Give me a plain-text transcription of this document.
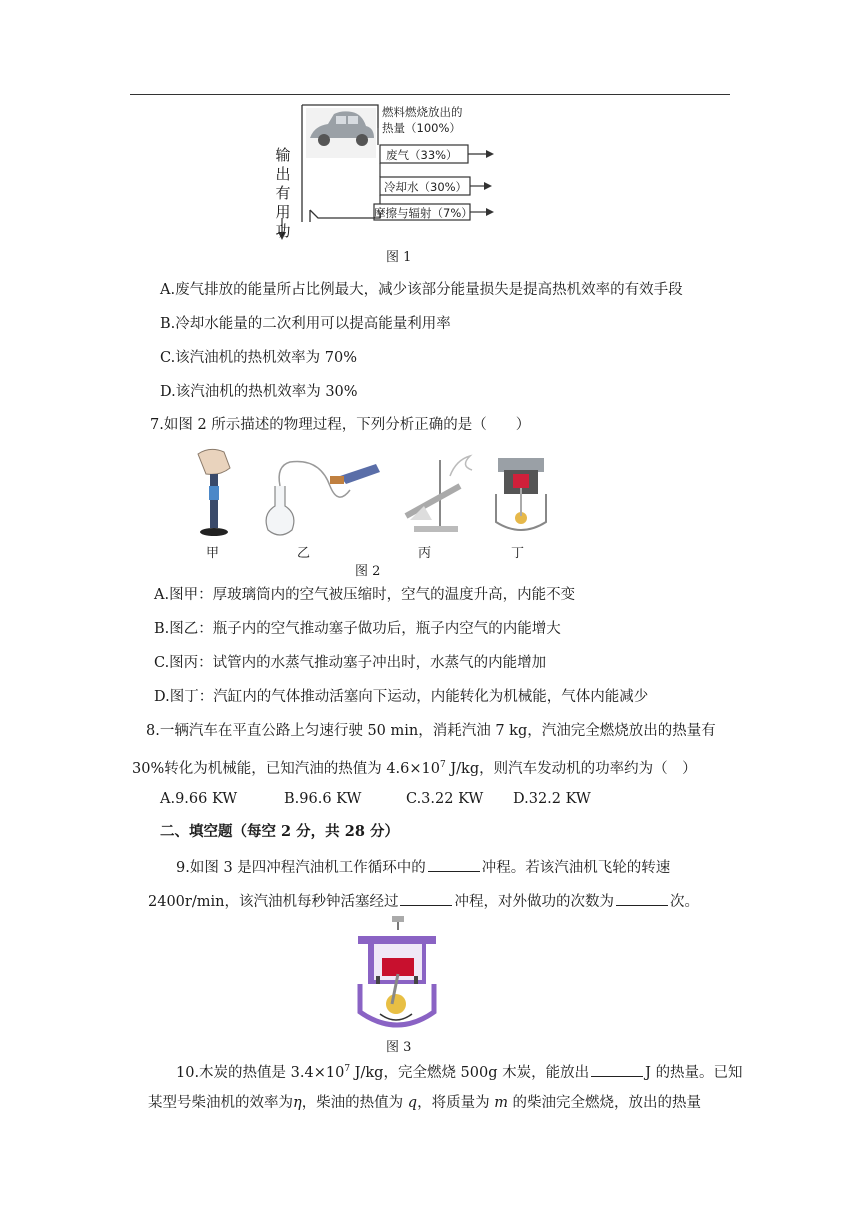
燃料燃烧放出的
热量（100%）
废气（33%）
冷却水（30%）
摩擦与辐射（7%）
输
出
有
用
功
图 1
A.废气排放的能量所占比例最大，减少该部分能量损失是提高热机效率的有效手段
B.冷却水能量的二次利用可以提高能量利用率
C.该汽油机的热机效率为 70%
D.该汽油机的热机效率为 30%
7.如图 2 所示描述的物理过程，下列分析正确的是（　　）
甲	乙	丙	丁
图 2
A.图甲：厚玻璃筒内的空气被压缩时，空气的温度升高，内能不变
B.图乙：瓶子内的空气推动塞子做功后，瓶子内空气的内能增大
C.图丙：试管内的水蒸气推动塞子冲出时，水蒸气的内能增加
D.图丁：汽缸内的气体推动活塞向下运动，内能转化为机械能，气体内能减少
8.一辆汽车在平直公路上匀速行驶 50 min，消耗汽油 7 kg，汽油完全燃烧放出的热量有
30%转化为机械能，已知汽油的热值为 $4.6\times 10^7$ J/kg，则汽车发动机的功率约为（　）
A.9.66 KW	B.96.6 KW	C.3.22 KW D.32.2 KW
二、填空题（每空 2 分，共 28 分）
9.如图 3 是四冲程汽油机工作循环中的	冲程。若该汽油机飞轮的转速
2400r/min，该汽油机每秒钟活塞经过	冲程，对外做功的次数为	次。
图 3
10.木炭的热值是 $3.4\times 10^7$ J/kg，完全燃烧 500g 木炭，能放出	J 的热量。已知
某型号柴油机的效率为η，柴油的热值为 q，将质量为 m 的柴油完全燃烧，放出的热量
